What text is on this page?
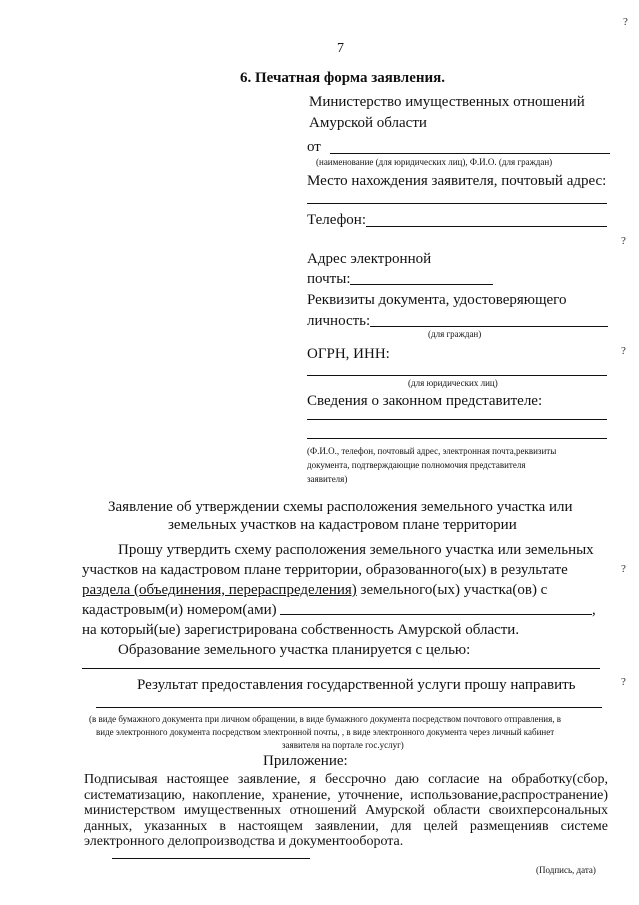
7
6. Печатная форма заявления.
Министерство имущественных отношений
Амурской области
от
(наименование (для юридических лиц), Ф.И.О. (для граждан)
Место нахождения заявителя, почтовый адрес:
Телефон:
Адрес электронной
почты:
Реквизиты документа, удостоверяющего
личность:
(для граждан)
ОГРН, ИНН:
(для юридических лиц)
Сведения о законном представителе:
(Ф.И.О., телефон, почтовый адрес, электронная почта,реквизиты
документа, подтверждающие полномочия представителя
заявителя)
Заявление об утверждении схемы расположения земельного участка или
земельных участков на кадастровом плане территории
Прошу утвердить схему расположения земельного участка или земельных
участков на кадастровом плане территории, образованного(ых) в результате
раздела (объединения, перераспределения) земельного(ых) участка(ов) с
кадастровым(и) номером(ами)	,
на который(ые) зарегистрирована собственность Амурской области.
Образование земельного участка планируется с целью:
Результат предоставления государственной услуги прошу направить
(в виде бумажного документа при личном обращении, в виде бумажного документа посредством почтового отправления, в
виде электронного документа посредством электронной почты, , в виде электронного документа через личный кабинет
заявителя на портале гос.услуг)
Приложение:
Подписывая настоящее заявление, я бессрочно даю согласие на обработку(сбор, систематизацию, накопление, хранение, уточнение, использование,распространение) министерством имущественных отношений Амурской области своихперсональных данных, указанных в настоящем заявлении, для целей размещенияв системе электронного делопроизводства и документооборота.
(Подпись, дата)
?
?
?
?
?
